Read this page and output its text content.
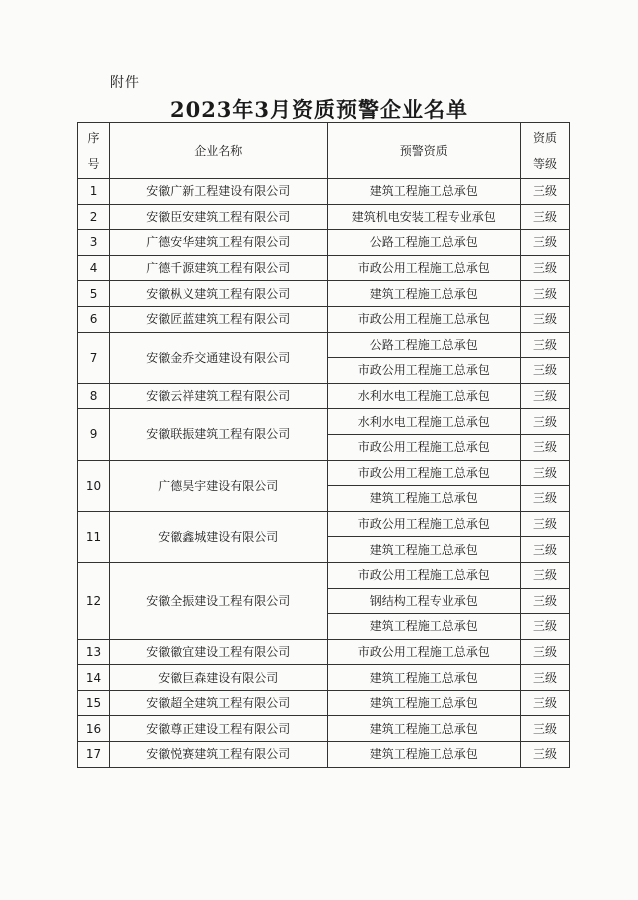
附件
2023年3月资质预警企业名单
序
号	企业名称	预警资质	资质
等级

1	安徽广新工程建设有限公司	建筑工程施工总承包	三级
2	安徽臣安建筑工程有限公司	建筑机电安装工程专业承包	三级
3	广德安华建筑工程有限公司	公路工程施工总承包	三级
4	广德千源建筑工程有限公司	市政公用工程施工总承包	三级
5	安徽枞义建筑工程有限公司	建筑工程施工总承包	三级
6	安徽匠蓝建筑工程有限公司	市政公用工程施工总承包	三级
7	安徽金乔交通建设有限公司	公路工程施工总承包	三级
		市政公用工程施工总承包	三级
8	安徽云祥建筑工程有限公司	水利水电工程施工总承包	三级
9	安徽联振建筑工程有限公司	水利水电工程施工总承包	三级
		市政公用工程施工总承包	三级
10	广德昊宇建设有限公司	市政公用工程施工总承包	三级
		建筑工程施工总承包	三级
11	安徽鑫城建设有限公司	市政公用工程施工总承包	三级
		建筑工程施工总承包	三级
12	安徽全振建设工程有限公司	市政公用工程施工总承包	三级
		钢结构工程专业承包	三级
		建筑工程施工总承包	三级
13	安徽徽宜建设工程有限公司	市政公用工程施工总承包	三级
14	安徽巨森建设有限公司	建筑工程施工总承包	三级
15	安徽超全建筑工程有限公司	建筑工程施工总承包	三级
16	安徽尊正建设工程有限公司	建筑工程施工总承包	三级
17	安徽悦赛建筑工程有限公司	建筑工程施工总承包	三级
